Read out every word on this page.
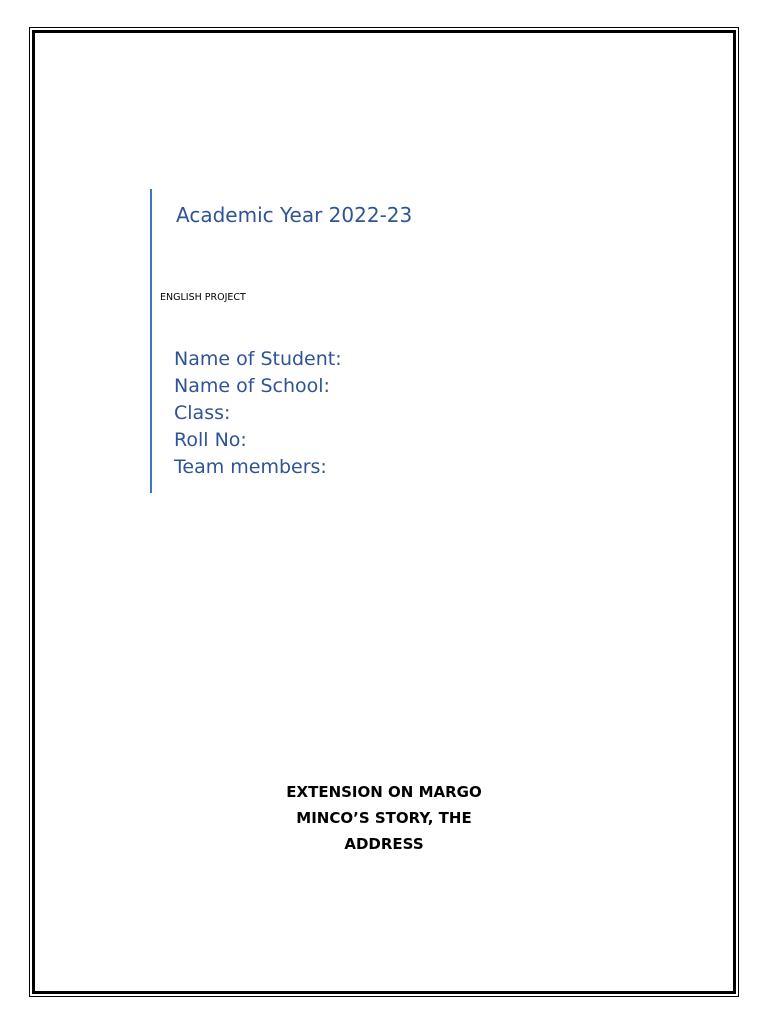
Academic Year 2022-23
ENGLISH PROJECT
Name of Student:
Name of School:
Class:
Roll No:
Team members:
EXTENSION ON MARGO
MINCO’S STORY, THE
ADDRESS
